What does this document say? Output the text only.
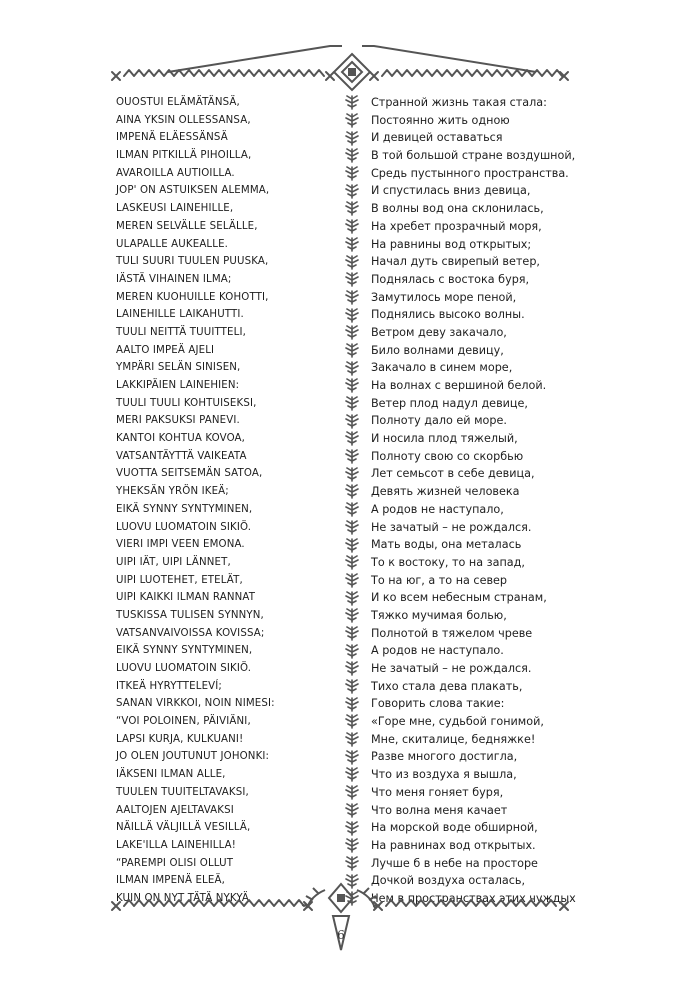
OUOSTUI ELÄMÄTÄNSÄ,
AINA YKSIN OLLESSANSA,
IMPENÄ ELÄESSÄNSÄ
ILMAN PITKILLÄ PIHOILLA,
AVAROILLA AUTIOILLA.
JOP' ON ASTUIKSEN ALEMMA,
LASKEUSI LAINEHILLE,
MEREN SELVÄLLE SELÄLLE,
ULAPALLE AUKEALLE.
TULI SUURI TUULEN PUUSKA,
IÄSTÄ VIHAINEN ILMA;
MEREN KUOHUILLE KOHOTTI,
LAINEHILLE LAIKAHUTTI.
TUULI NEITTÄ TUUITTELI,
AALTO IMPEÄ AJELI
YMPÄRI SELÄN SINISEN,
LAKKIPÄIEN LAINEHIEN:
TUULI TUULI KOHTUISEKSI,
MERI PAKSUKSI PANEVI.
KANTOI KOHTUA KOVOA,
VATSANTÄYTTÄ VAIKEATA
VUOTTA SEITSEMÄN SATOA,
YHEKSÄN YRÖN IKEÄ;
EIKÄ SYNNY SYNTYMINEN,
LUOVU LUOMATOIN SIKIÖ.
VIERI IMPI VEEN EMONA.
UIPI IÄT, UIPI LÄNNET,
UIPI LUOTEHET, ETELÄT,
UIPI KAIKKI ILMAN RANNAT
TUSKISSA TULISEN SYNNYN,
VATSANVAIVOISSA KOVISSA;
EIKÄ SYNNY SYNTYMINEN,
LUOVU LUOMATOIN SIKIÖ.
ITKEÄ HYRYTTELEVÍ;
SANAN VIRKKOI, NOIN NIMESI:
“VOI POLOINEN, PÄIVIÄNI,
LAPSI KURJA, KULKUANI!
JO OLEN JOUTUNUT JOHONKI:
IÄKSENI ILMAN ALLE,
TUULEN TUUITELTAVAKSI,
AALTOJEN AJELTAVAKSI
NÄILLÄ VÄLJILLÄ VESILLÄ,
LAKE'ILLA LAINEHILLA!
“PAREMPI OLISI OLLUT
ILMAN IMPENÄ ELEÄ,
KUIN ON NYT TÄTÄ NYKYÄ
Странной жизнь такая стала:
Постоянно жить одною
И девицей оставаться
В той большой стране воздушной,
Средь пустынного пространства.
И спустилась вниз девица,
В волны вод она склонилась,
На хребет прозрачный моря,
На равнины вод открытых;
Начал дуть свирепый ветер,
Поднялась с востока буря,
Замутилось море пеной,
Поднялись высоко волны.
Ветром деву закачало,
Било волнами девицу,
Закачало в синем море,
На волнах с вершиной белой.
Ветер плод надул девице,
Полноту дало ей море.
И носила плод тяжелый,
Полноту свою со скорбью
Лет семьсот в себе девица,
Девять жизней человека
А родов не наступало,
Не зачатый – не рождался.
Мать воды, она металась
То к востоку, то на запад,
То на юг, а то на север
И ко всем небесным странам,
Тяжко мучимая болью,
Полнотой в тяжелом чреве
А родов не наступало.
Не зачатый – не рождался.
Тихо стала дева плакать,
Говорить слова такие:
«Горе мне, судьбой гонимой,
Мне, скиталице, бедняжке!
Разве многого достигла,
Что из воздуха я вышла,
Что меня гоняет буря,
Что волна меня качает
На морской воде обширной,
На равнинах вод открытых.
Лучше б в небе на просторе
Дочкой воздуха осталась,
Чем в пространствах этих чуждых
6
